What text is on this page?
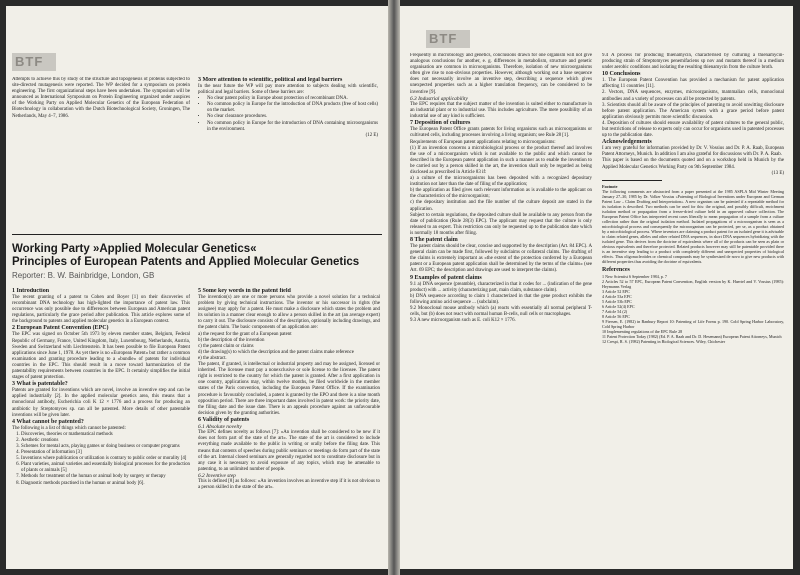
BTF

Attempts to achieve this by study of the structure and topogenesis of proteins subjected to site-directed mutagenesis were reported. The WP decided for a symposium on protein engineering. The first organizational steps have been undertaken. The symposium will be announced as International Symposium on Protein Engineering organized under auspices of the Working Party on Applied Molecular Genetics of the European Federation of Biotechnology in collaboration with the Dutch Biotechnological Society, Groningen, The Netherlands, May 4–7, 1986.

3 More attention to scientific, political and legal barriers

In the near future the WP will pay more attention to subjects dealing with scientific, political and legal barriers. Some of these barriers are:

• No clear patent policy in Europe about protection of recombinant DNA.
• No common policy in Europe for the introduction of DNA products (free of host cells) on the market.
• No clear clearance procedures.
• No common policy in Europe for the introduction of DNA containing microorganisms in the environment.

(12 E)

Working Party »Applied Molecular Genetics«
Principles of European Patents and Applied Molecular Genetics
Reporter: B. W. Bainbridge, London, GB
1 Introduction

The recent granting of a patent to Cohen and Boyer [1] on their discoveries of recombinant DNA technology has high-lighted the importance of patent law. This occurrence was only possible due to differences between European and American patent regulations, particularly the grace period after publication. This article explores some of the background to patents and applied molecular genetics in a European context.

2 European Patent Convention (EPC)

The EPC was signed on October 5th 1973 by eleven member states, Belgium, Federal Republic of Germany, France, United Kingdom, Italy, Luxembourg, Netherlands, Austria, Sweden and Switzerland with Liechtenstein. It has been possible to file European Patent applications since June 1, 1978. As yet there is no »European Patent« but rather a common examination and granting procedure leading to a »bundle« of patents for individual countries in the EPC. This should result in a move toward harmonization of the patentability requirements between countries in the EPC. It certainly simplifies the initial stages of patent protection.

3 What is patentable?

Patents are granted for inventions which are novel, involve an inventive step and can be applied industrially [2]. In the applied molecular genetics area, this means that a monoclonal antibody, Escherichia coli K 12 × 1776 and a process for producing an antibiotic by Streptomyces sp. can all be patented. More details of other patentable inventions will be given later.

4 What cannot be patented?

The following is a list of things which cannot be patented:

1. Discoveries, theories or mathematical methods
2. Aesthetic creations
3. Schemes for mental acts, playing games or doing business or computer programs
4. Presentation of information [3]
5. Inventions where publication or utilization is contrary to public order or morality [4]
6. Plant varieties, animal varieties and essentially biological processes for the production of plants or animals [5]
7. Methods for treatment of the human or animal body by surgery or therapy
8. Diagnostic methods practised in the human or animal body [6].
5 Some key words in the patent field

The invention(s) are one or more persons who provide a novel solution for a technical problem by giving technical instructions. The inventor or his successor in rights (the assignee) may apply for a patent. He must make a disclosure which states the problem and its solution in a manner clear enough to allow a person skilled in the art (an average expert) to carry it out. The disclosure consists of the description, optionally including drawings, and the patent claim. The basic components of an application are:

a) the request for the grant of a European patent

b) the description of the invention

c) the patent claim or claims

d) the drawing(s) to which the description and the patent claims make reference

e) the abstract.

The patent, if granted, is intellectual or industrial property and may be assigned, licensed or inherited. The licensee must pay a nonexclusive or sole license to the licensee. The patent right is restricted to the country for which the patent is granted. After a first application in one country, applications may, within twelve months, be filed worldwide in the member states of the Paris convention, including the European Patent Office. If the examination procedure is favourably concluded, a patent is granted by the EPO and there is a nine month opposition period. There are three important dates involved in patent work: the priority date, the filing date and the issue date. There is an appeals procedure against an unfavourable decision given by the granting authorities.

6 Validity of patents

6.1 Absolute novelty

The EPC defines novelty as follows [7]: »An invention shall be considered to be new if it does not form part of the state of the art«. The state of the art is considered to include everything made available to the public in writing or orally before the filing date. This means that contents of speeches during public seminars or meetings do form part of the state of the art. Internal closed seminars are generally regarded not to constitute disclosure but in any case it is necessary to avoid exposure of any topics, which may be amenable to patenting, to an unlimited number of people.

6.2 Inventive step

This is defined [8] as follows: »An invention involves an inventive step if it is not obvious to a person skilled in the state of the art«.

BTF

Frequently in microbiology and genetics, conclusions drawn for one organism will not give analogous conclusions for another, e. g. differences in metabolism, structure and genetic organisation are common in microorganisms. Therefore, isolation of new microorganisms often give rise to non-obvious properties. However, although working out a base sequence does not necessarily involve an inventive step, describing a sequence which gives unexpected properties such as a higher translation frequency, can be considered to be inventive [9].

6.3 Industrial applicability

The EPC requires that the subject matter of the invention is suited either to manufacture in an industrial plant or to industrial use. This includes agriculture. The mere possibility of an industrial use of any kind is sufficient.

7 Deposition of cultures

The European Patent Office grants patents for living organisms such as microorganisms or cultivated cells, including processes involving a living organism; see Rule 28 [1].

Requirements of European patent applications relating to microorganisms:

(1) If an invention concerns a microbiological process or the product thereof and involves the use of a microorganism which is not available to the public and which cannot be described in the European patent application in such a manner as to enable the invention to be carried out by a person skilled in the art, the invention shall only be regarded as being disclosed as prescribed in Article 83 if:

a) a culture of the microorganisms has been deposited with a recognized depositary institution not later than the date of filing of the application;

b) the application as filed gives such relevant information as is available to the applicant on the characteristics of the microorganism;

c) the depositary institution and the file number of the culture deposit are stated in the application.

Subject to certain regulations, the deposited culture shall be available to any person from the date of publication (Rule 28(3) EPC). The applicant may request that the culture is only released to an expert. This restriction can only be requested up to the publication date which is normally 18 months after filing.

8 The patent claim

The patent claims should be clear, concise and supported by the description (Art. 84 EPC). A general claim can be made first, followed by subclaims or collateral claims. The drafting of the claims is extremely important as »the extent of the protection conferred by a European patent or a European patent application shall be determined by the terms of the claims« (see Art. 69 EPC; the description and drawings are used to interpret the claims).

9 Examples of patent claims

9.1 a) DNA sequence (preamble), characterized in that it codes for ... (indication of the gene product) with ... activity (characterizing part, main claim, substance claim).

b) DNA sequence according to claim 1 characterized in that the gene product exhibits the following amino acid sequence ... (subclaim).

9.2 Monoclonal mouse antibody which (a) reacts with essentially all normal peripheral T-cells, but (b) does not react with normal human B-cells, null cells or macrophages.

9.3 A new microorganism such as E. coli K12 × 1776.

9.4 A process for producing thienamycin, characterised by culturing a thienamycin-producing strain of Streptomyces penemifaciens sp nov and mutants thereof in a medium under aerobic conditions and isolating the resulting thienamycin from the culture broth.

10 Conclusions

1. The European Patent Convention has provided a mechanism for patent application affecting 11 countries [11].

2. Vectors, DNA sequences, enzymes, microorganisms, mammalian cells, monoclonal antibodies and a variety of processes can all be protected by patents.

3. Scientists should all be aware of the principles of patenting to avoid unwitting disclosure before patent application. The American system with a grace period before patent application obviously permits more scientific discussion.

4. Deposition of cultures should ensure availability of patent cultures to the general public, but restrictions of release to experts only can occur for organisms used in patented processes up to the publication date.

Acknowledgements

I am very grateful for information provided by Dr. V. Vossius and Dr. P. A. Raab, European Patent Attorneys, Munich. In addition I am also grateful for discussions with Dr. P. A. Raab.

This paper is based on the documents quoted and on a workshop held in Munich by the Applied Molecular Genetics Working Party on 9th September 1984.

(13 E)

Footnote

The following comments are abstracted from a paper presented at the 1985 ASPLA Mid Winter Meeting January 27–30, 1985 by Dr. Volker Vossius »Patenting of Biological Inventions under European and German Patent Law – Claim Drafting and Interpretation«. A new organism can be patented if a repeatable method for its isolation is described. Two methods can be used for this: the original, and possibly difficult, enrichment isolation method or propagation from a freeze-dried culture held in an approved culture collection. The European Patent Office has interpreted recent cases liberally to mean propagation of a sample from a culture collection rather than the original isolation method. Isolated propagations of a microorganism is seen as a microbiological process and consequently the microorganism can be protected, per se, as a product obtained by a microbiological process. Where inventors are claiming a product patent for an isolated gene it is advisable to claim related genes, alleles and other related DNA sequences, in short DNA sequences hybridizing with the isolated gene. This derives from the doctrine of equivalents where all of the products can be seen as plain or obvious equivalents and therefore protected. Related products however may still be patentable provided there is an inventive step leading to a product with completely different and unexpected properties of biological effects. Thus oligonucleotides or chemical compounds may be synthesized de novo to give new products with different properties thus avoiding the doctrine of equivalents.

References

1 New Scientist 6 September 1984, p. 7

2 Articles 52 to 57 EPC, European Patent Convention, English version by K. Haertel and V. Vossius (1985): Heymanns Verlag

3 Article 52 EPC

4 Article 53a EPC

5 Article 53b EPC

6 Article 52(4) EPC

7 Article 54 (2)

8 Article 56 EPC

9 Fiersen, E. (1982) in Banbury Report 10: Patenting of Life Forms p. 190. Cold Spring Harbor Laboratory, Cold Spring Harbor

10 Implementing regulations of the EPC Rule 28

11 Patent Protection Today (1982) (Ed. P. A. Raab and Dr. D. Hesemann) European Patent Attorneys, Munich

12 Crespi, R. S. (1982) Patenting in Biological Sciences. Wiley, Chichester
